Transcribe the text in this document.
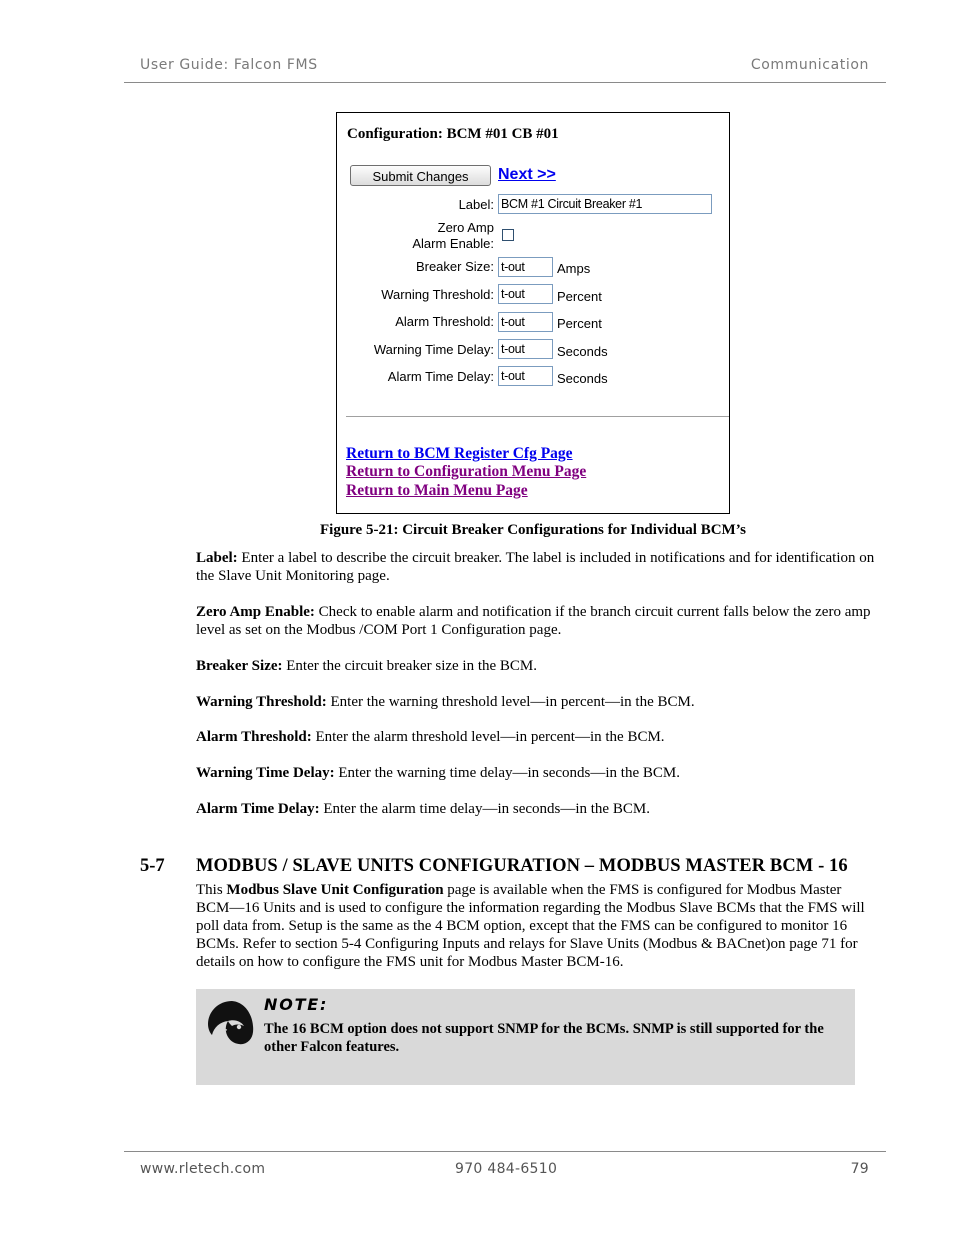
User Guide: Falcon FMS	Communication
Configuration: BCM #01 CB #01
Submit Changes	Next >>
Label: BCM #1 Circuit Breaker #1
Zero Amp
Alarm Enable:
Breaker Size: t-out	Amps
Warning Threshold: t-out	Percent
Alarm Threshold: t-out	Percent
Warning Time Delay: t-out	Seconds
Alarm Time Delay: t-out	Seconds
Return to BCM Register Cfg Page
Return to Configuration Menu Page
Return to Main Menu Page
Figure 5-21: Circuit Breaker Configurations for Individual BCM’s
Label: Enter a label to describe the circuit breaker. The label is included in notifications and for identification on the Slave Unit Monitoring page.
Zero Amp Enable: Check to enable alarm and notification if the branch circuit current falls below the zero amp level as set on the Modbus /COM Port 1 Configuration page.
Breaker Size: Enter the circuit breaker size in the BCM.
Warning Threshold: Enter the warning threshold level—in percent—in the BCM.
Alarm Threshold: Enter the alarm threshold level—in percent—in the BCM.
Warning Time Delay: Enter the warning time delay—in seconds—in the BCM.
Alarm Time Delay: Enter the alarm time delay—in seconds—in the BCM.
5-7 MODBUS / SLAVE UNITS CONFIGURATION – MODBUS MASTER BCM - 16
This Modbus Slave Unit Configuration page is available when the FMS is configured for Modbus Master BCM—16 Units and is used to configure the information regarding the Modbus Slave BCMs that the FMS will poll data from. Setup is the same as the 4 BCM option, except that the FMS can be configured to monitor 16 BCMs. Refer to section 5-4 Configuring Inputs and relays for Slave Units (Modbus & BACnet)on page 71 for details on how to configure the FMS unit for Modbus Master BCM-16.
NOTE:
The 16 BCM option does not support SNMP for the BCMs. SNMP is still supported for the other Falcon features.
www.rletech.com	970 484-6510	79
